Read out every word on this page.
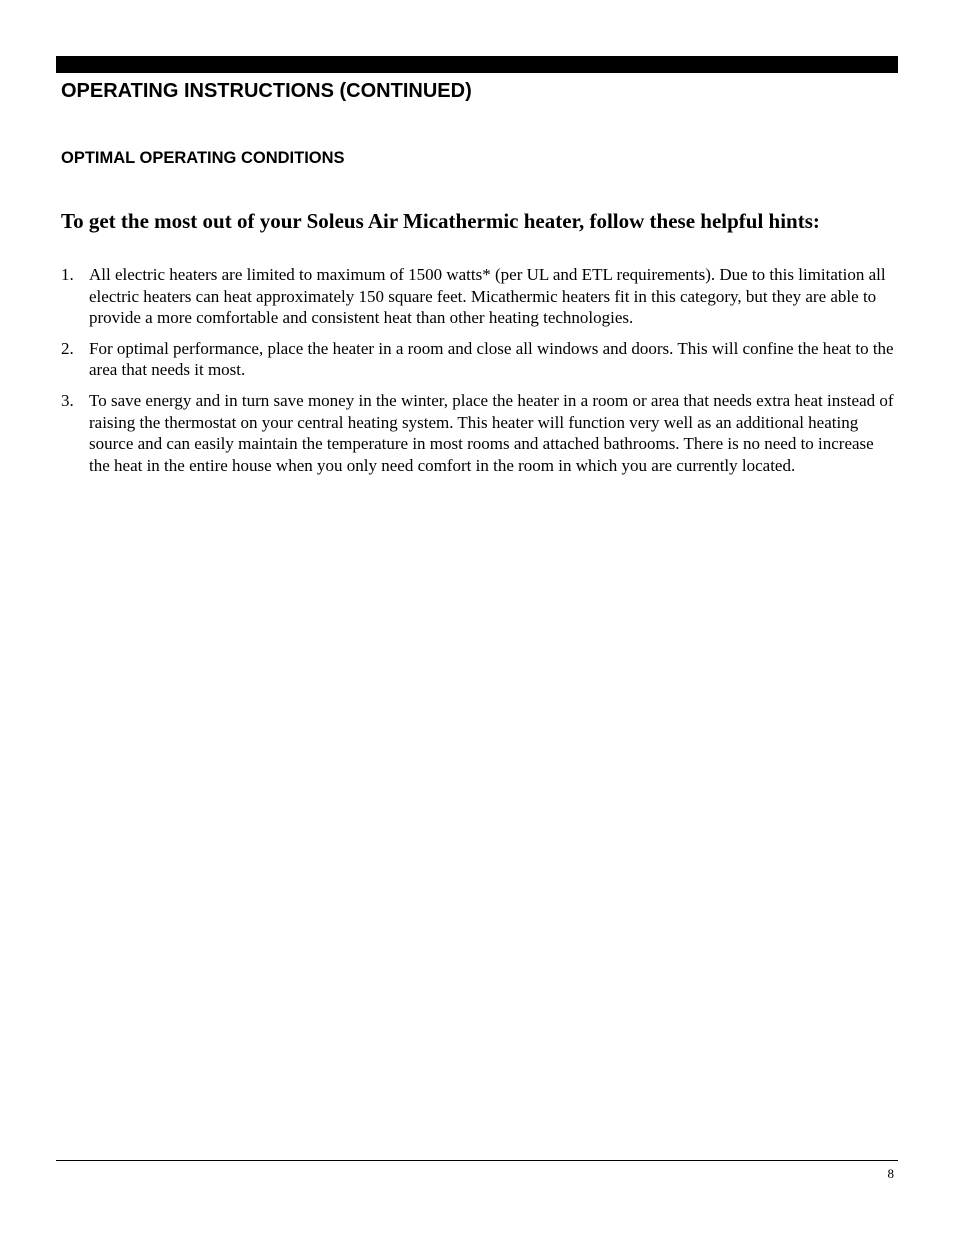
OPERATING INSTRUCTIONS (CONTINUED)
OPTIMAL OPERATING CONDITIONS

To get the most out of your Soleus Air Micathermic heater, follow these helpful hints:

1. All electric heaters are limited to maximum of 1500 watts* (per UL and ETL requirements). Due to this limitation all electric heaters can heat approximately 150 square feet. Micathermic heaters fit in this category, but they are able to provide a more comfortable and consistent heat than other heating technologies.
2. For optimal performance, place the heater in a room and close all windows and doors. This will confine the heat to the area that needs it most.
3. To save energy and in turn save money in the winter, place the heater in a room or area that needs extra heat instead of raising the thermostat on your central heating system. This heater will function very well as an additional heating source and can easily maintain the temperature in most rooms and attached bathrooms. There is no need to increase the heat in the entire house when you only need comfort in the room in which you are currently located.
8
